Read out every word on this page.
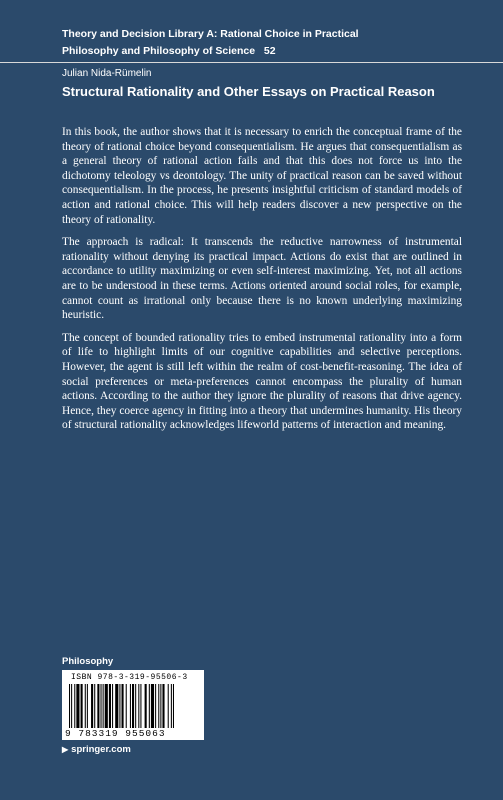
Theory and Decision Library A: Rational Choice in Practical
Philosophy and Philosophy of Science 52
Julian Nida-Rümelin
Structural Rationality and Other Essays on Practical Reason

In this book, the author shows that it is necessary to enrich the conceptual frame of the theory of rational choice beyond consequentialism. He argues that consequentialism as a general theory of rational action fails and that this does not force us into the dichotomy teleology vs deontology. The unity of practical reason can be saved without consequentialism. In the process, he presents insightful criticism of standard models of action and rational choice. This will help readers discover a new perspective on the theory of rationality.

The approach is radical: It transcends the reductive narrowness of instrumental rationality without denying its practical impact. Actions do exist that are outlined in accordance to utility maximizing or even self-interest maximizing. Yet, not all actions are to be understood in these terms. Actions oriented around social roles, for example, cannot count as irrational only because there is no known underlying maximizing heuristic.

The concept of bounded rationality tries to embed instrumental rationality into a form of life to highlight limits of our cognitive capabilities and selective perceptions. However, the agent is still left within the realm of cost-benefit-reasoning. The idea of social preferences or meta-preferences cannot encompass the plurality of human actions. According to the author they ignore the plurality of reasons that drive agency. Hence, they coerce agency in fitting into a theory that undermines humanity. His theory of structural rationality acknowledges lifeworld patterns of interaction and meaning.

Philosophy
ISBN 978-3-319-95506-3
9 783319 955063
▶ springer.com
